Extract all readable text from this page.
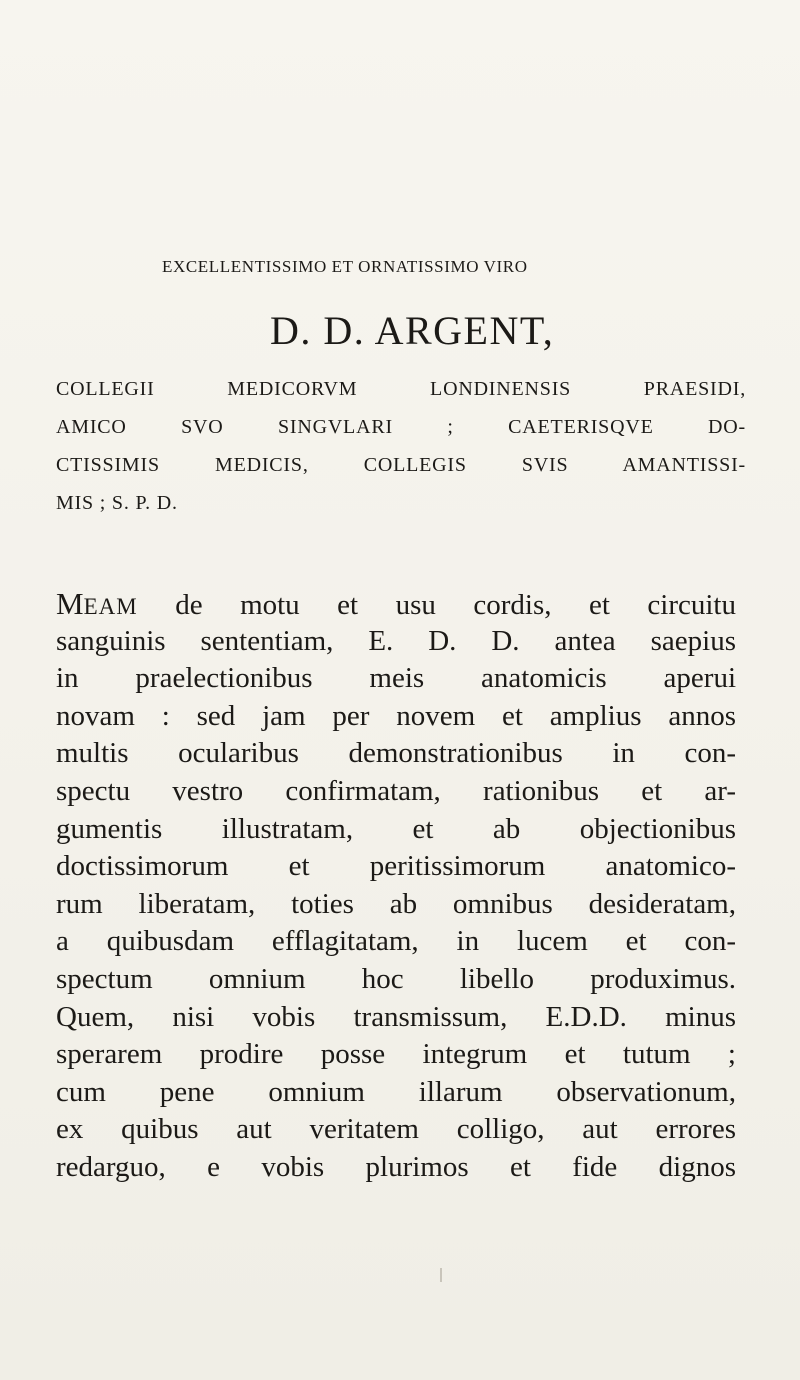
EXCELLENTISSIMO ET ORNATISSIMO VIRO
D. D. ARGENT,
COLLEGII MEDICORVM LONDINENSIS PRAESIDI,
AMICO SVO SINGVLARI ; CAETERISQVE DO-
CTISSIMIS MEDICIS, COLLEGIS SVIS AMANTISSI-
MIS ; S. P. D.
MEAM de motu et usu cordis, et circuitu
sanguinis sententiam, E. D. D. antea saepius
in praelectionibus meis anatomicis aperui
novam : sed jam per novem et amplius annos
multis ocularibus demonstrationibus in con-
spectu vestro confirmatam, rationibus et ar-
gumentis illustratam, et ab objectionibus
doctissimorum et peritissimorum anatomico-
rum liberatam, toties ab omnibus desideratam,
a quibusdam efflagitatam, in lucem et con-
spectum omnium hoc libello produximus.
Quem, nisi vobis transmissum, E.D.D. minus
sperarem prodire posse integrum et tutum ;
cum pene omnium illarum observationum,
ex quibus aut veritatem colligo, aut errores
redarguo, e vobis plurimos et fide dignos
